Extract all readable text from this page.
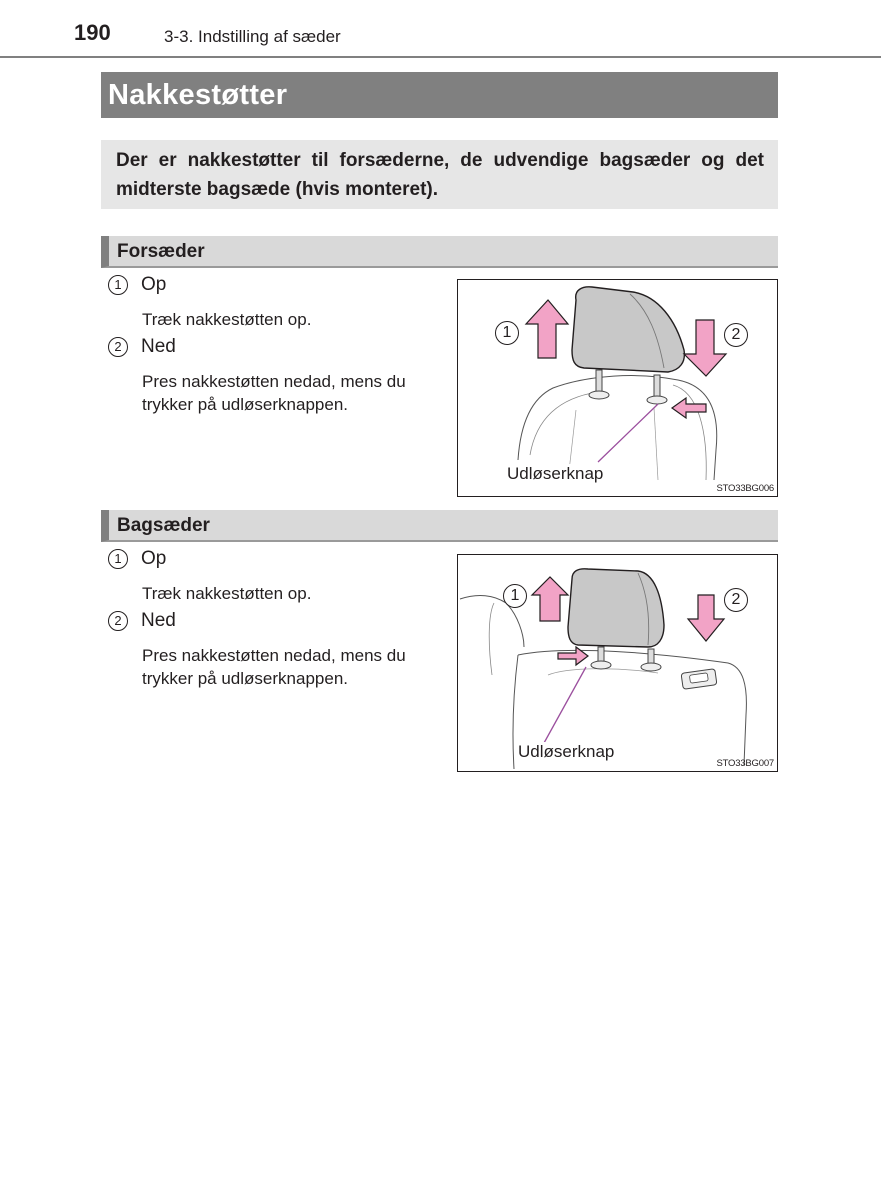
190	3-3. Indstilling af sæder
Nakkestøtter
Der er nakkestøtter til forsæderne, de udvendige bagsæder og det midterste bagsæde (hvis monteret).
Forsæder
1	Op
Træk nakkestøtten op.
2	Ned
Pres nakkestøtten nedad, mens du trykker på udløserknappen.
1	2
Udløserknap
STO33BG006
Bagsæder
1	Op
Træk nakkestøtten op.
2	Ned
Pres nakkestøtten nedad, mens du trykker på udløserknappen.
1	2
Udløserknap
STO33BG007
